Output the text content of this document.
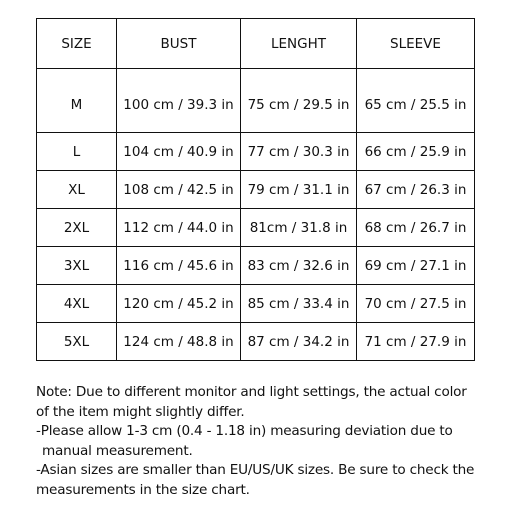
SIZE	BUST	LENGHT	SLEEVE
M	100 cm / 39.3 in	75 cm / 29.5 in	65 cm / 25.5 in
L	104 cm / 40.9 in	77 cm / 30.3 in	66 cm / 25.9 in
XL	108 cm / 42.5 in	79 cm / 31.1 in	67 cm / 26.3 in
2XL	112 cm / 44.0 in	81cm / 31.8 in	68 cm / 26.7 in
3XL	116 cm / 45.6 in	83 cm / 32.6 in	69 cm / 27.1 in
4XL	120 cm / 45.2 in	85 cm / 33.4 in	70 cm / 27.5 in
5XL	124 cm / 48.8 in	87 cm / 34.2 in	71 cm / 27.9 in

Note: Due to different monitor and light settings, the actual color

of the item might slightly differ.

-Please allow 1-3 cm (0.4 - 1.18 in) measuring deviation due to

manual measurement.

-Asian sizes are smaller than EU/US/UK sizes. Be sure to check the

measurements in the size chart.
